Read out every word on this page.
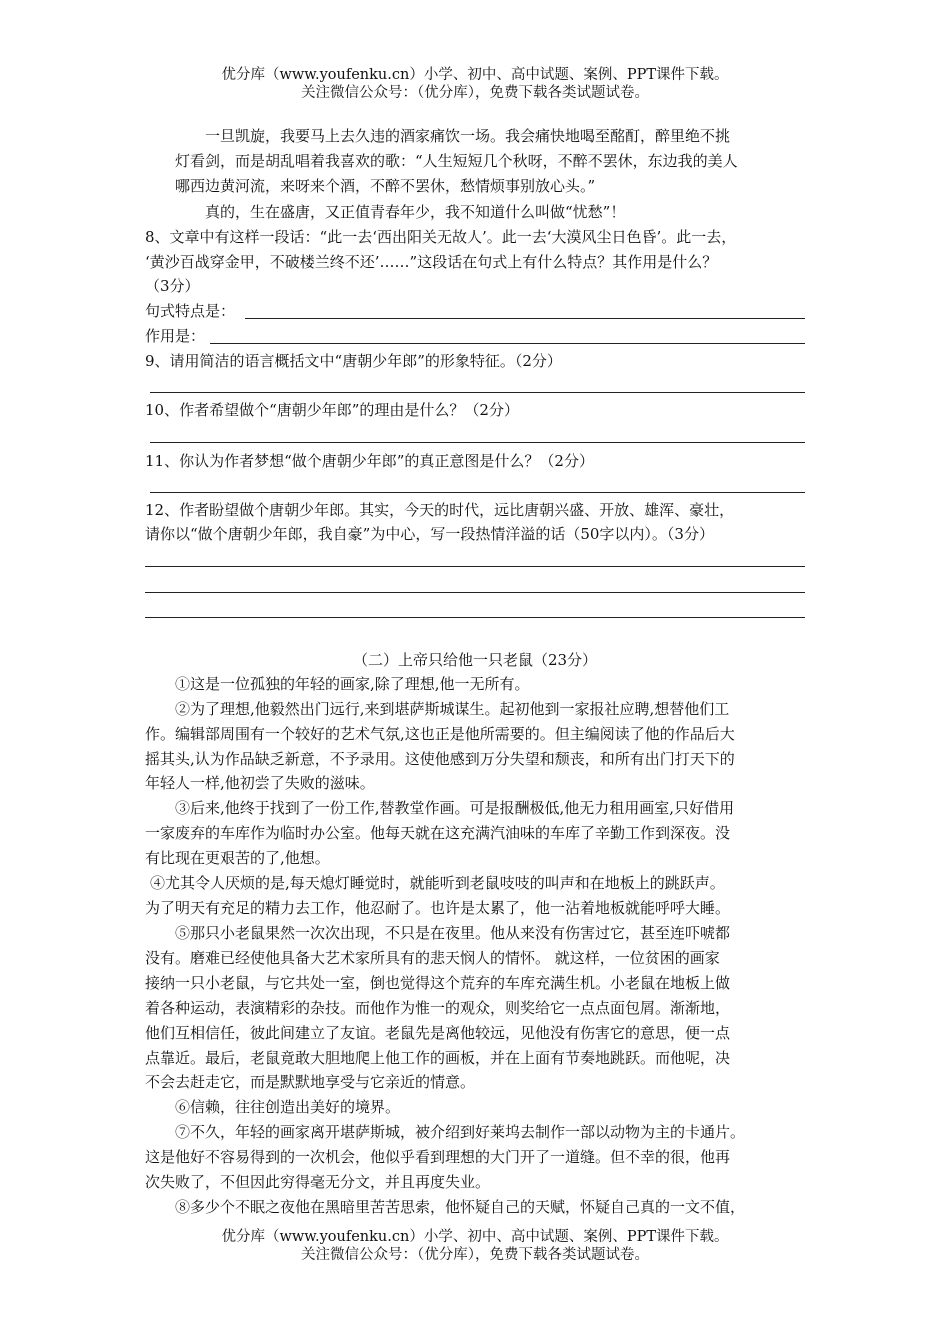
优分库（www.youfenku.cn）小学、初中、高中试题、案例、PPT课件下载。
关注微信公众号：（优分库），免费下载各类试题试卷。
一旦凯旋，我要马上去久违的酒家痛饮一场。我会痛快地喝至酩酊，醉里绝不挑
灯看剑，而是胡乱唱着我喜欢的歌：“人生短短几个秋呀，不醉不罢休，东边我的美人
哪西边黄河流，来呀来个酒，不醉不罢休，愁情烦事别放心头。”
真的，生在盛唐，又正值青春年少，我不知道什么叫做“忧愁”！
8、文章中有这样一段话：“此一去‘西出阳关无故人’。此一去‘大漠风尘日色昏’。此一去，
‘黄沙百战穿金甲，不破楼兰终不还’……”这段话在句式上有什么特点？其作用是什么？
（3分）
句式特点是：
作用是：
9、请用简洁的语言概括文中“唐朝少年郎”的形象特征。（2分）
10、作者希望做个“唐朝少年郎”的理由是什么？（2分）
11、你认为作者梦想“做个唐朝少年郎”的真正意图是什么？（2分）
12、作者盼望做个唐朝少年郎。其实，今天的时代，远比唐朝兴盛、开放、雄浑、豪壮，
请你以“做个唐朝少年郎，我自豪”为中心，写一段热情洋溢的话（50字以内）。（3分）
（二）上帝只给他一只老鼠（23分）
①这是一位孤独的年轻的画家,除了理想,他一无所有。
②为了理想,他毅然出门远行,来到堪萨斯城谋生。起初他到一家报社应聘,想替他们工
作。编辑部周围有一个较好的艺术气氛,这也正是他所需要的。但主编阅读了他的作品后大
摇其头,认为作品缺乏新意，不予录用。这使他感到万分失望和颓丧，和所有出门打天下的
年轻人一样,他初尝了失败的滋味。
③后来,他终于找到了一份工作,替教堂作画。可是报酬极低,他无力租用画室,只好借用
一家废弃的车库作为临时办公室。他每天就在这充满汽油味的车库了辛勤工作到深夜。没
有比现在更艰苦的了,他想。
④尤其令人厌烦的是,每天熄灯睡觉时，就能听到老鼠吱吱的叫声和在地板上的跳跃声。
为了明天有充足的精力去工作，他忍耐了。也许是太累了，他一沾着地板就能呼呼大睡。
⑤那只小老鼠果然一次次出现，不只是在夜里。他从来没有伤害过它，甚至连吓唬都
没有。磨难已经使他具备大艺术家所具有的悲天悯人的情怀。 就这样，一位贫困的画家
接纳一只小老鼠，与它共处一室，倒也觉得这个荒弃的车库充满生机。小老鼠在地板上做
着各种运动，表演精彩的杂技。而他作为惟一的观众，则奖给它一点点面包屑。渐渐地，
他们互相信任，彼此间建立了友谊。老鼠先是离他较远，见他没有伤害它的意思，便一点
点靠近。最后，老鼠竟敢大胆地爬上他工作的画板，并在上面有节奏地跳跃。而他呢，决
不会去赶走它，而是默默地享受与它亲近的情意。
⑥信赖，往往创造出美好的境界。
⑦不久，年轻的画家离开堪萨斯城，被介绍到好莱坞去制作一部以动物为主的卡通片。
这是他好不容易得到的一次机会，他似乎看到理想的大门开了一道缝。但不幸的很，他再
次失败了，不但因此穷得毫无分文，并且再度失业。
⑧多少个不眠之夜他在黑暗里苦苦思索，他怀疑自己的天赋，怀疑自己真的一文不值，
优分库（www.youfenku.cn）小学、初中、高中试题、案例、PPT课件下载。
关注微信公众号：（优分库），免费下载各类试题试卷。
